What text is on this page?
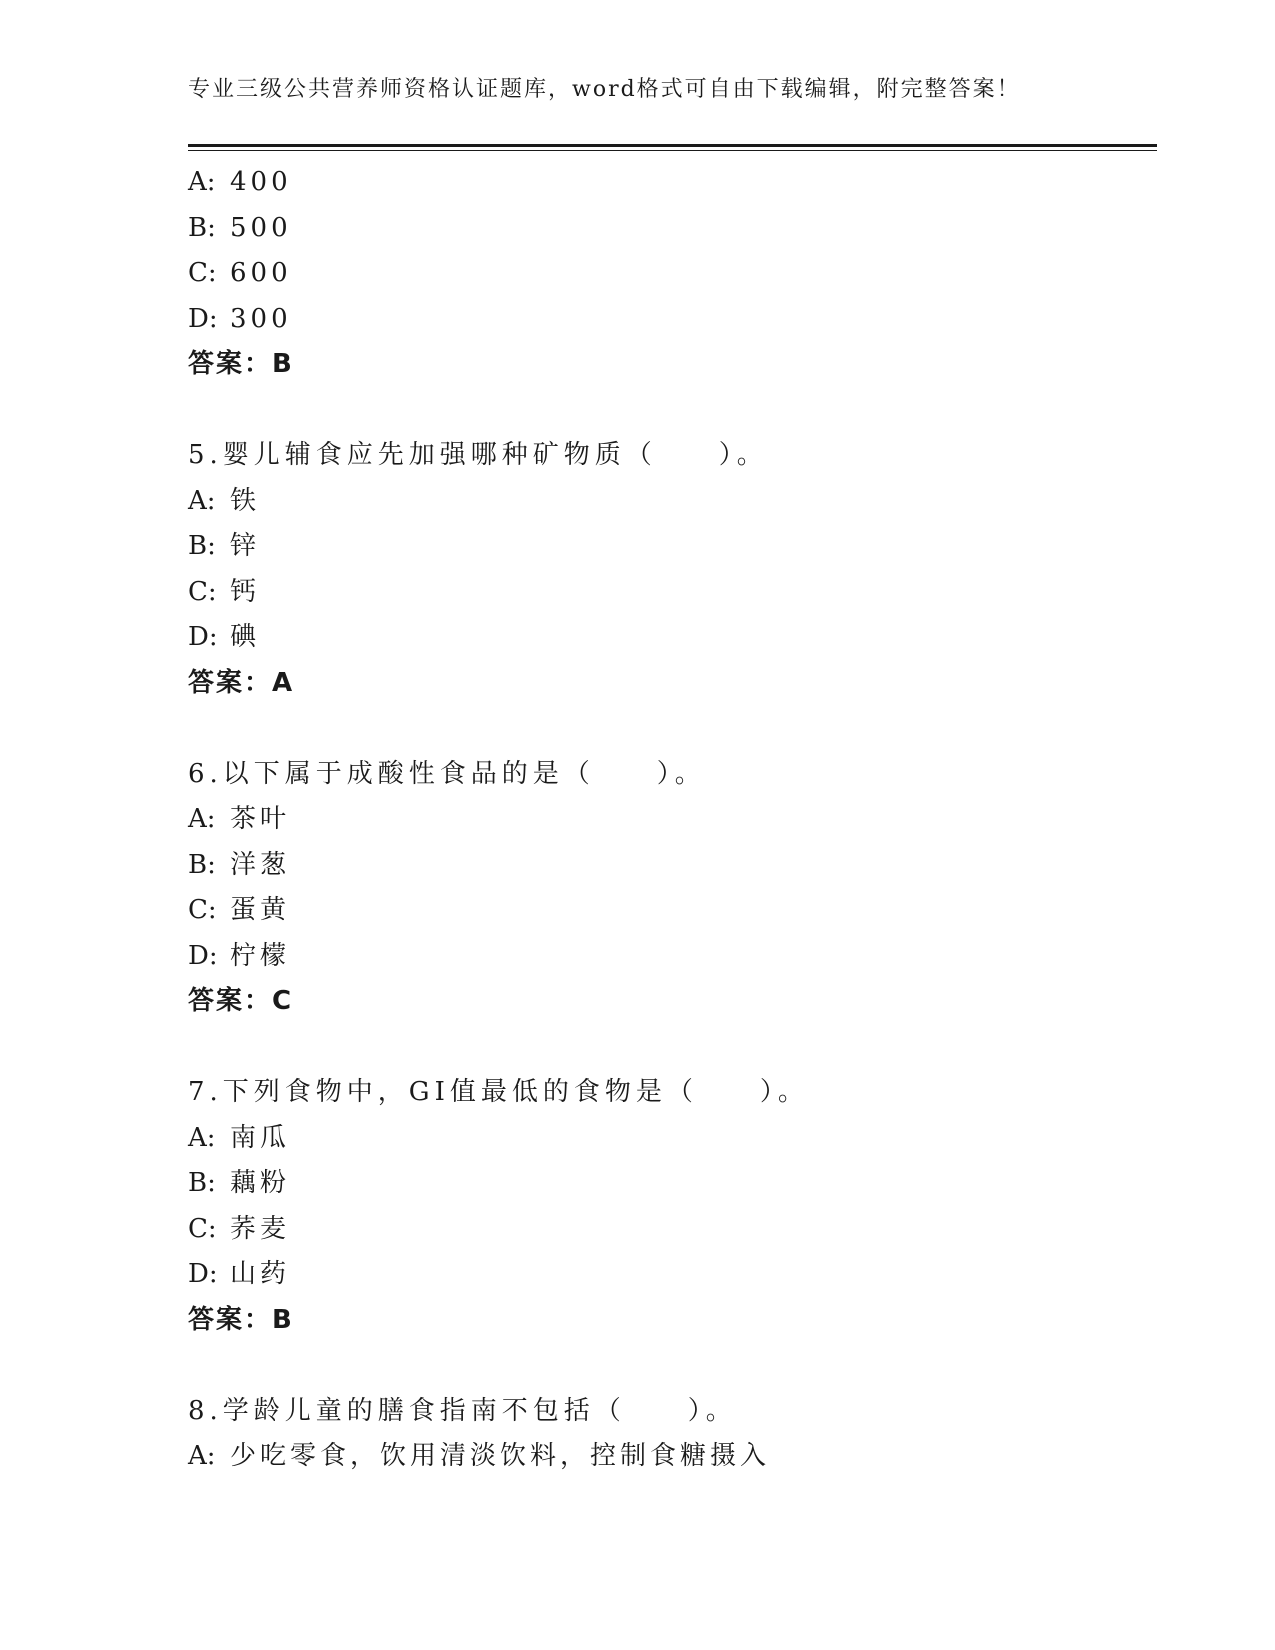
专业三级公共营养师资格认证题库，word格式可自由下载编辑，附完整答案！
A: 400
B: 500
C: 600
D: 300
答案：B
5.婴儿辅食应先加强哪种矿物质（　　）。
A: 铁
B: 锌
C: 钙
D: 碘
答案：A
6.以下属于成酸性食品的是（　　）。
A: 茶叶
B: 洋葱
C: 蛋黄
D: 柠檬
答案：C
7.下列食物中，GI值最低的食物是（　　）。
A: 南瓜
B: 藕粉
C: 荞麦
D: 山药
答案：B
8.学龄儿童的膳食指南不包括（　　）。
A: 少吃零食，饮用清淡饮料，控制食糖摄入
